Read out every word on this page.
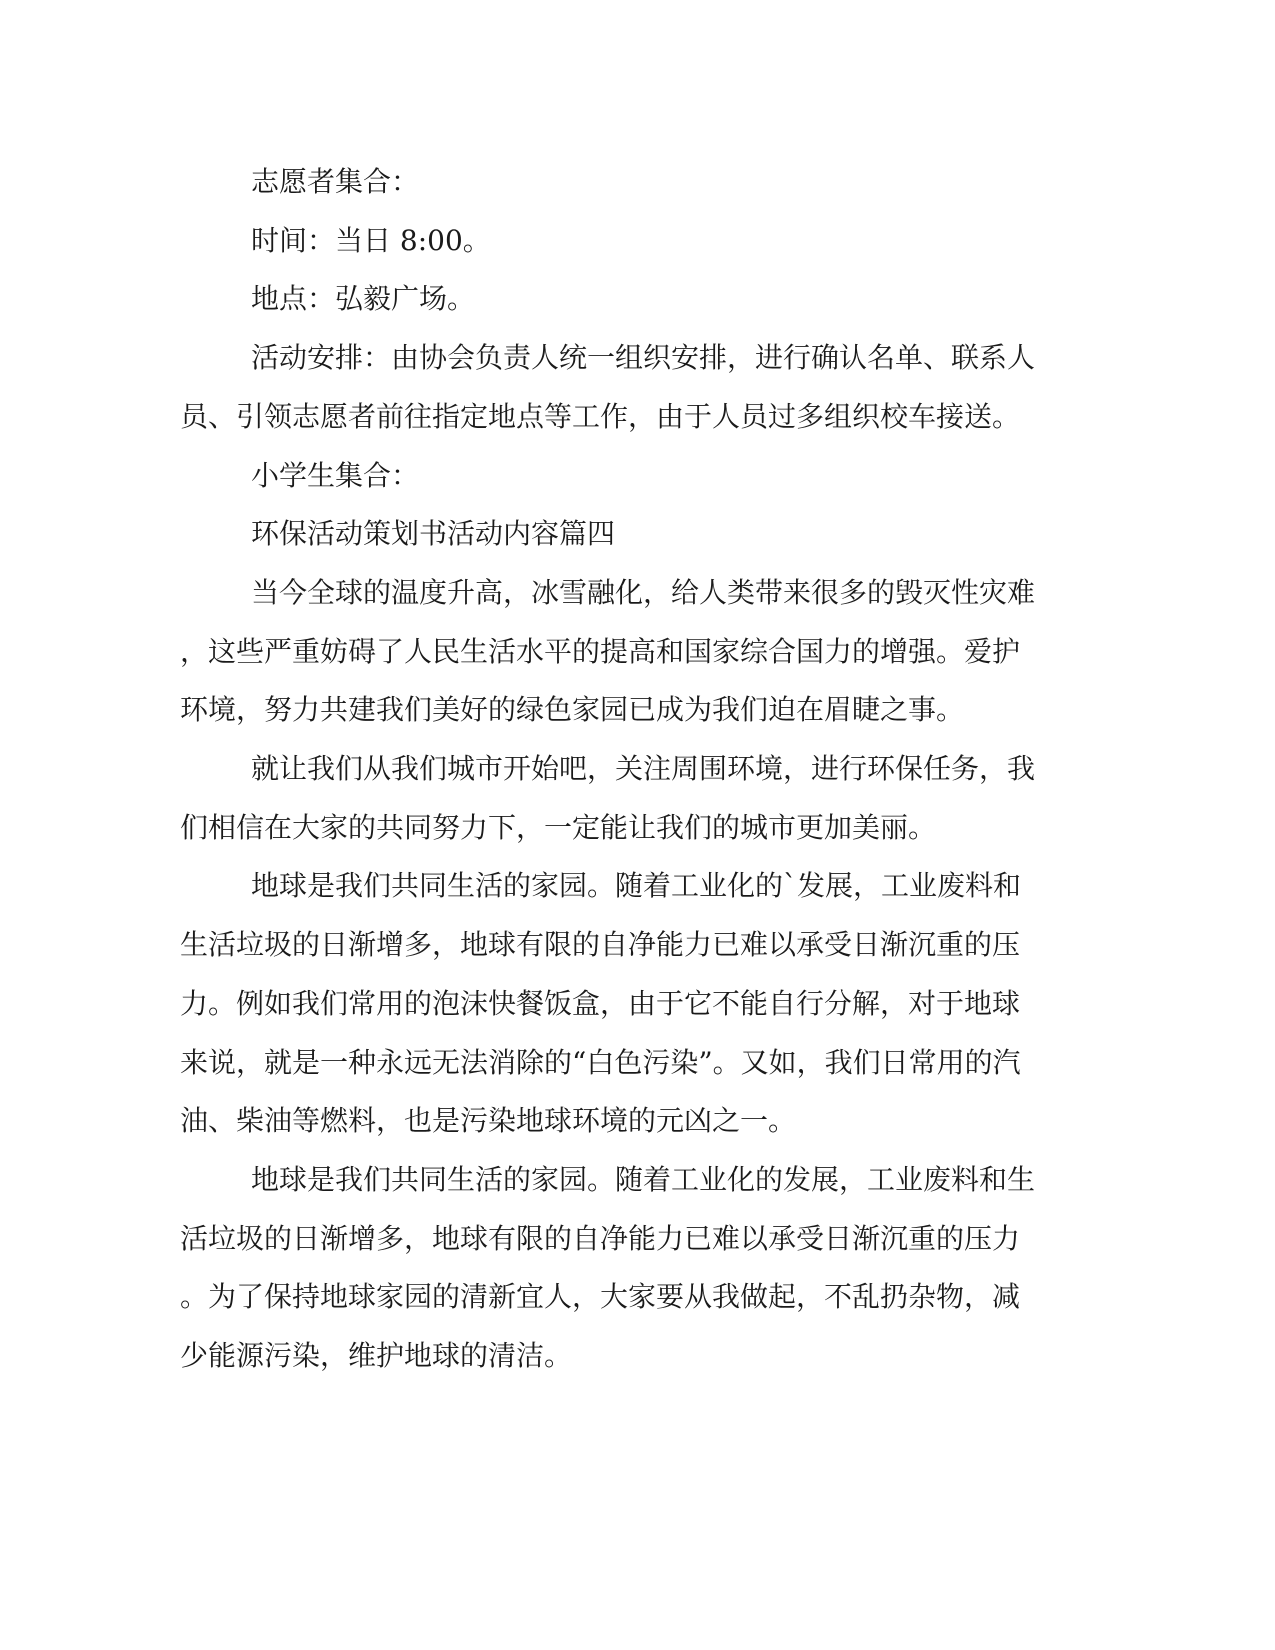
志愿者集合：
时间：当日 8:00。
地点：弘毅广场。
活动安排：由协会负责人统一组织安排，进行确认名单、联系人
员、引领志愿者前往指定地点等工作，由于人员过多组织校车接送。
小学生集合：
环保活动策划书活动内容篇四
当今全球的温度升高，冰雪融化，给人类带来很多的毁灭性灾难
，这些严重妨碍了人民生活水平的提高和国家综合国力的增强。爱护
环境，努力共建我们美好的绿色家园已成为我们迫在眉睫之事。
就让我们从我们城市开始吧，关注周围环境，进行环保任务，我
们相信在大家的共同努力下，一定能让我们的城市更加美丽。
地球是我们共同生活的家园。随着工业化的`发展，工业废料和
生活垃圾的日渐增多，地球有限的自净能力已难以承受日渐沉重的压
力。例如我们常用的泡沫快餐饭盒，由于它不能自行分解，对于地球
来说，就是一种永远无法消除的“白色污染”。又如，我们日常用的汽
油、柴油等燃料，也是污染地球环境的元凶之一。
地球是我们共同生活的家园。随着工业化的发展，工业废料和生
活垃圾的日渐增多，地球有限的自净能力已难以承受日渐沉重的压力
。为了保持地球家园的清新宜人，大家要从我做起，不乱扔杂物，减
少能源污染，维护地球的清洁。
